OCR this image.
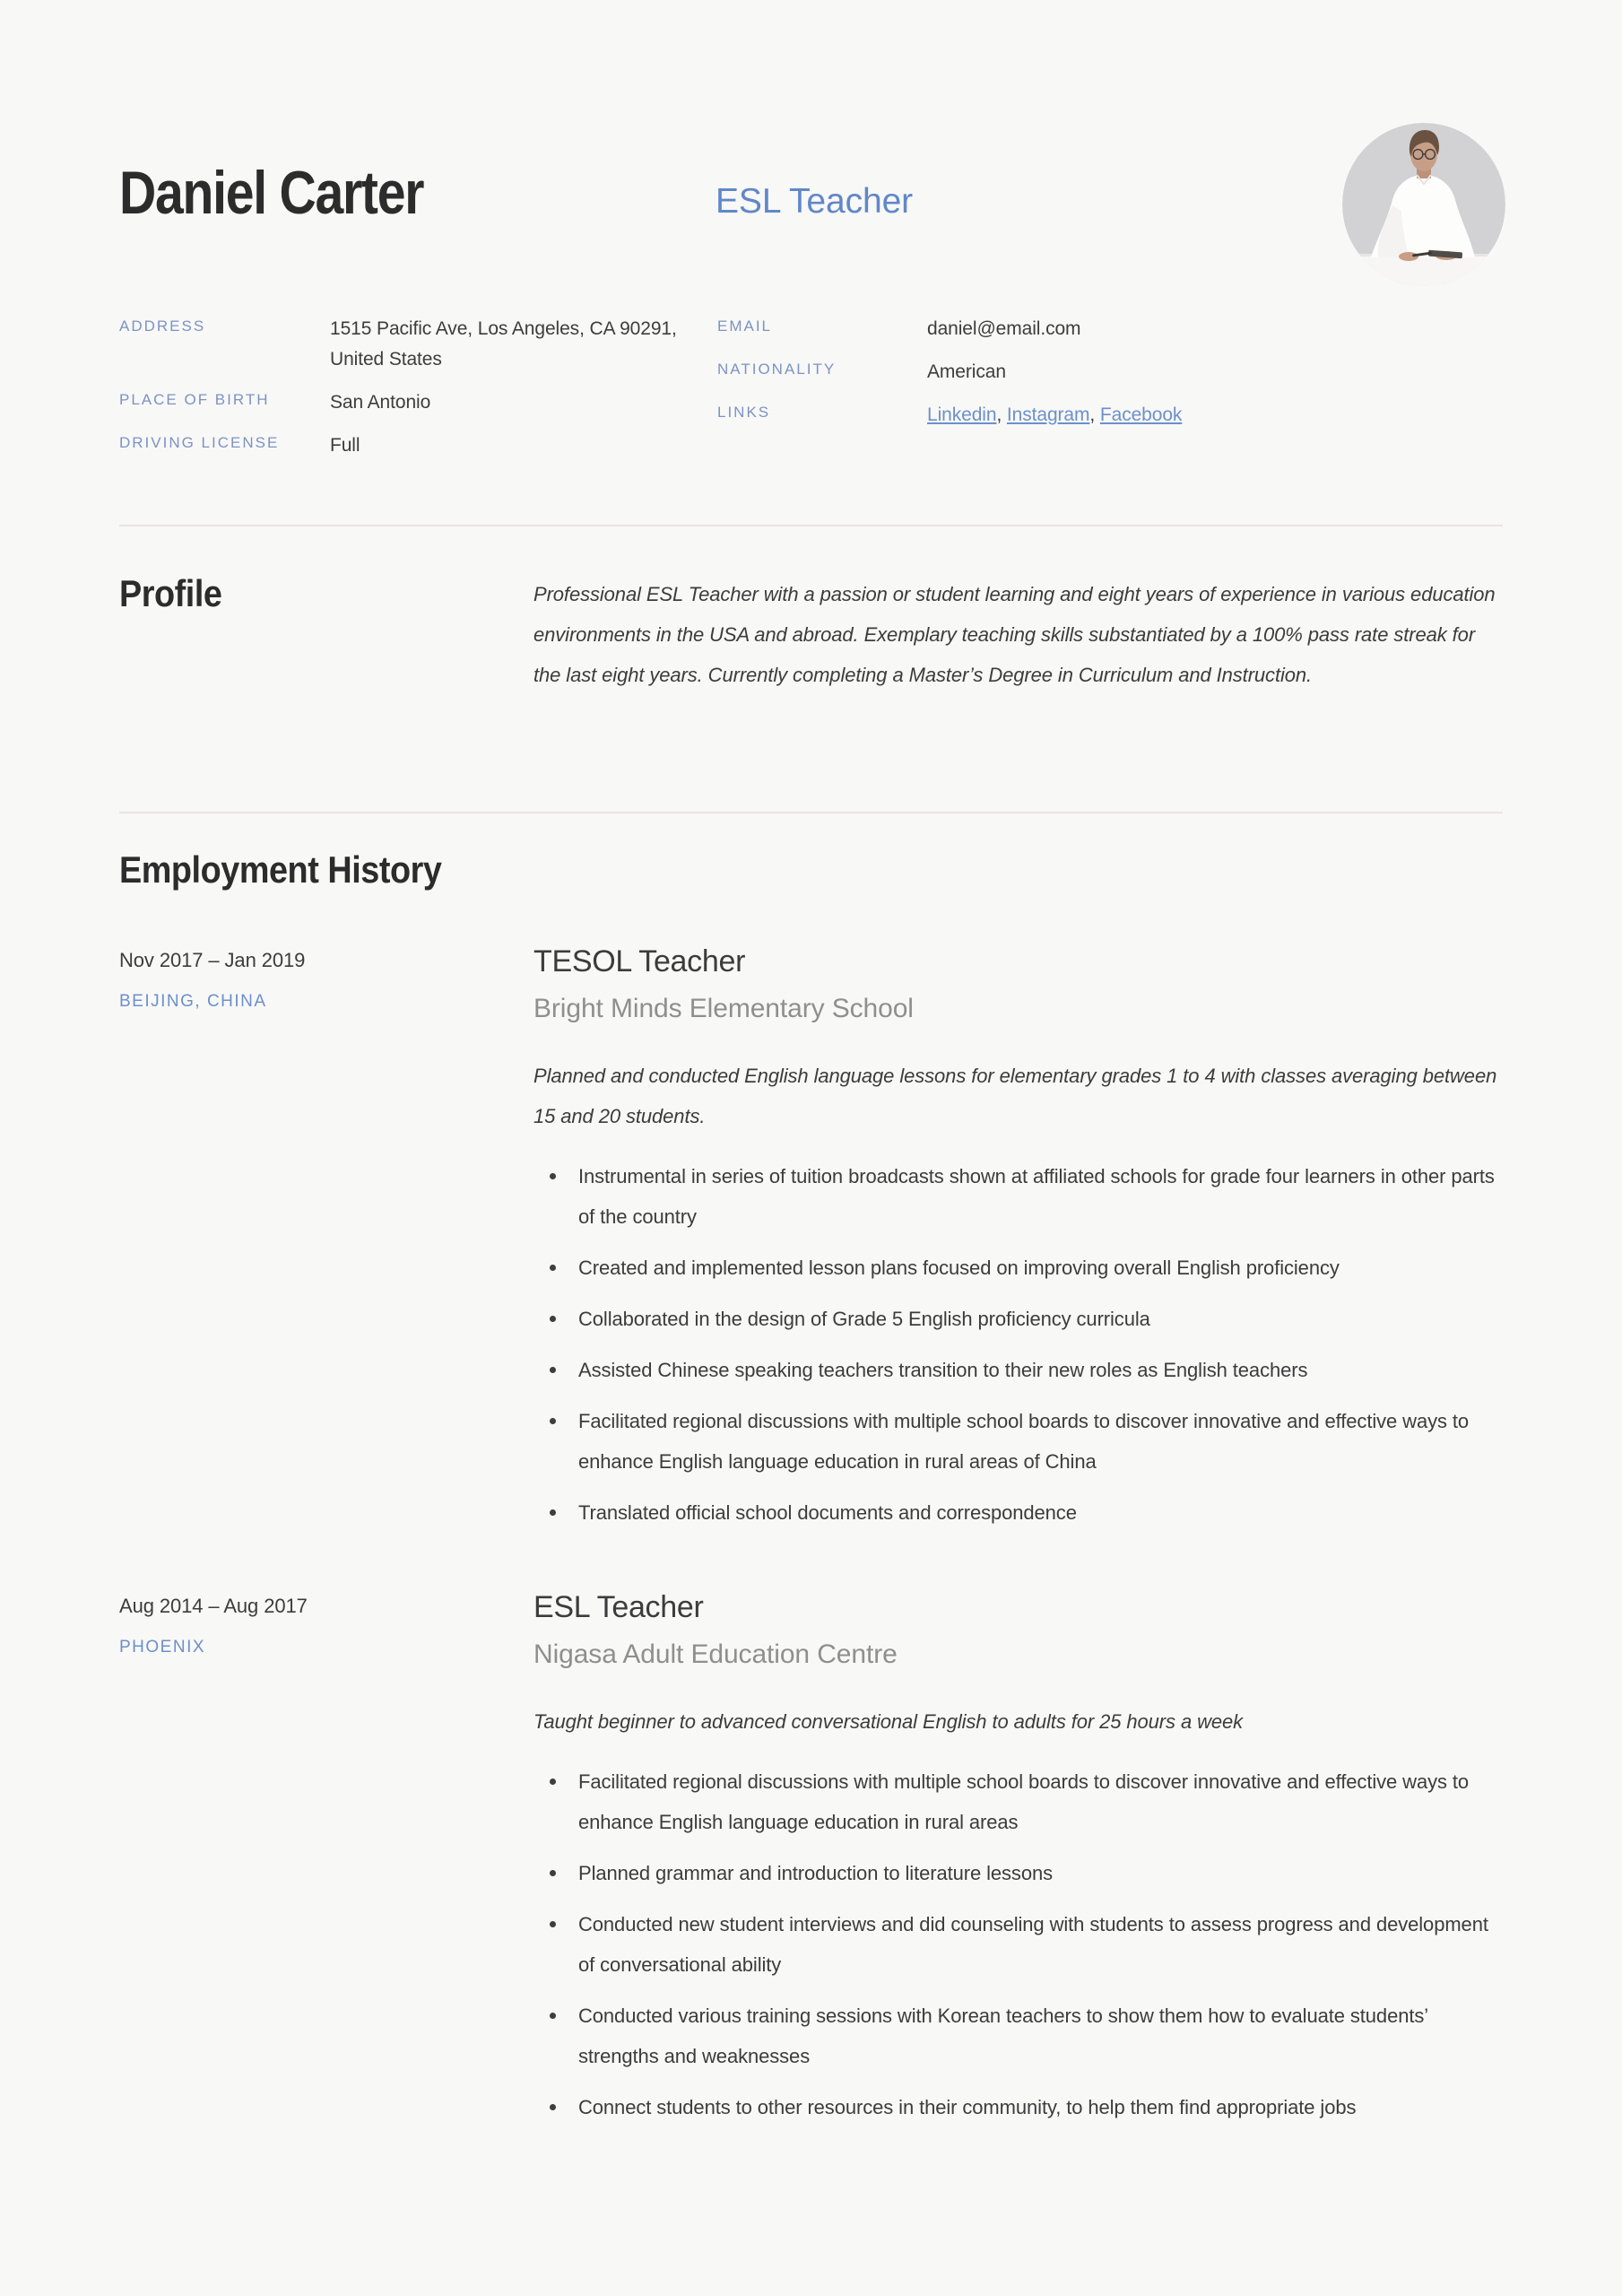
Daniel Carter	ESL Teacher
ADDRESS	1515 Pacific Ave, Los Angeles, CA 90291, United States
PLACE OF BIRTH	San Antonio
DRIVING LICENSE	Full
EMAIL	daniel@email.com
NATIONALITY	American
LINKS	Linkedin, Instagram, Facebook
Profile	Professional ESL Teacher with a passion or student learning and eight years of experience in various education environments in the USA and abroad. Exemplary teaching skills substantiated by a 100% pass rate streak for the last eight years. Currently completing a Master’s Degree in Curriculum and Instruction.
Employment History
Nov 2017 – Jan 2019
BEIJING, CHINA
TESOL Teacher
Bright Minds Elementary School

Planned and conducted English language lessons for elementary grades 1 to 4 with classes averaging between 15 and 20 students.

Instrumental in series of tuition broadcasts shown at affiliated schools for grade four learners in other parts of the country
Created and implemented lesson plans focused on improving overall English proficiency
Collaborated in the design of Grade 5 English proficiency curricula
Assisted Chinese speaking teachers transition to their new roles as English teachers
Facilitated regional discussions with multiple school boards to discover innovative and effective ways to enhance English language education in rural areas of China
Translated official school documents and correspondence
Aug 2014 – Aug 2017
PHOENIX
ESL Teacher
Nigasa Adult Education Centre

Taught beginner to advanced conversational English to adults for 25 hours a week

Facilitated regional discussions with multiple school boards to discover innovative and effective ways to enhance English language education in rural areas
Planned grammar and introduction to literature lessons
Conducted new student interviews and did counseling with students to assess progress and development of conversational ability
Conducted various training sessions with Korean teachers to show them how to evaluate students’ strengths and weaknesses
Connect students to other resources in their community, to help them find appropriate jobs
